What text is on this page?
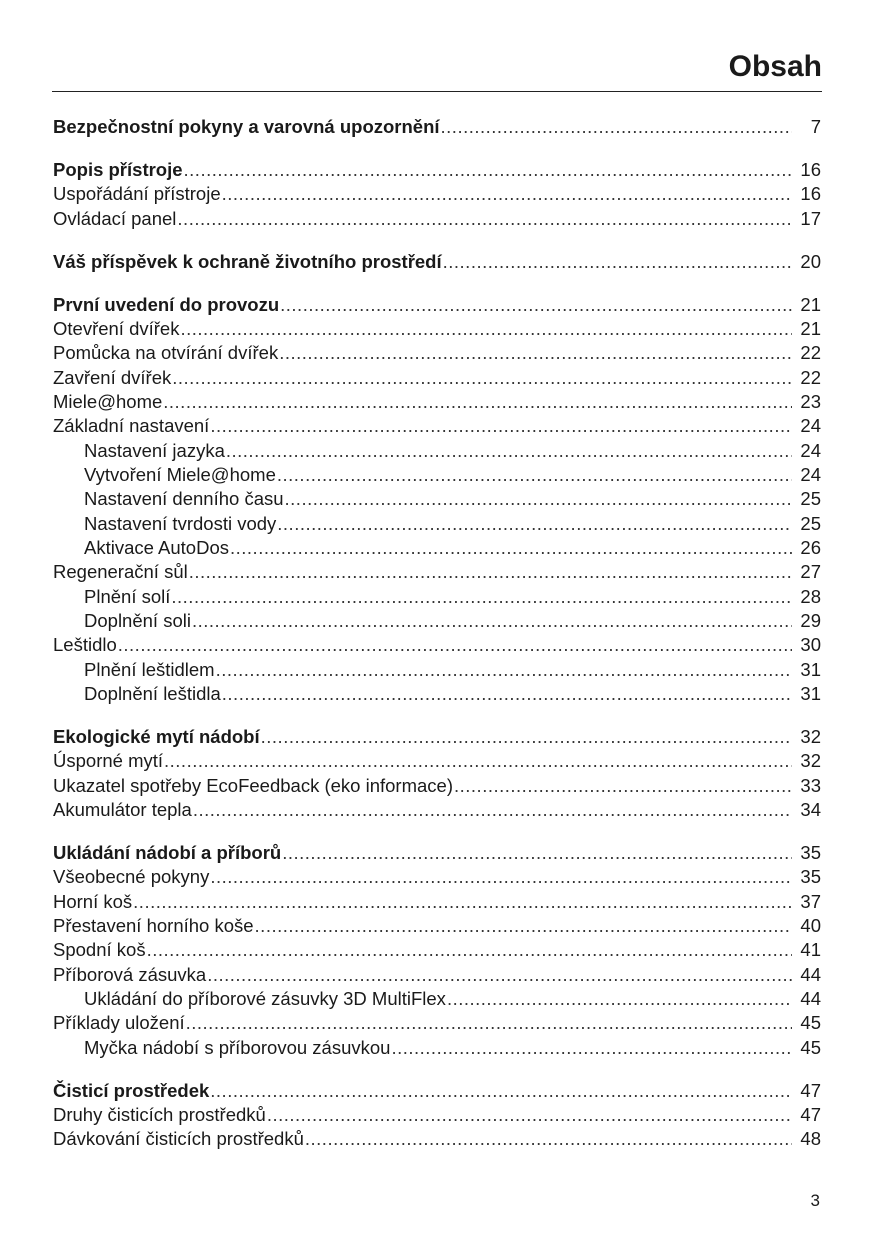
Obsah
Bezpečnostní pokyny a varovná upozornění .....	7
Popis přístroje .....	16
Uspořádání přístroje .....	16
Ovládací panel .....	17
Váš příspěvek k ochraně životního prostředí .....	20
První uvedení do provozu .....	21
Otevření dvířek .....	21
Pomůcka na otvírání dvířek .....	22
Zavření dvířek .....	22
Miele@home .....	23
Základní nastavení .....	24
Nastavení jazyka .....	24
Vytvoření Miele@home .....	24
Nastavení denního času .....	25
Nastavení tvrdosti vody .....	25
Aktivace AutoDos .....	26
Regenerační sůl .....	27
Plnění solí .....	28
Doplnění soli .....	29
Leštidlo .....	30
Plnění leštidlem .....	31
Doplnění leštidla .....	31
Ekologické mytí nádobí .....	32
Úsporné mytí .....	32
Ukazatel spotřeby EcoFeedback (eko informace) .....	33
Akumulátor tepla .....	34
Ukládání nádobí a příborů .....	35
Všeobecné pokyny .....	35
Horní koš .....	37
Přestavení horního koše .....	40
Spodní koš .....	41
Příborová zásuvka .....	44
Ukládání do příborové zásuvky 3D MultiFlex .....	44
Příklady uložení .....	45
Myčka nádobí s příborovou zásuvkou .....	45
Čisticí prostředek .....	47
Druhy čisticích prostředků .....	47
Dávkování čisticích prostředků .....	48
3
